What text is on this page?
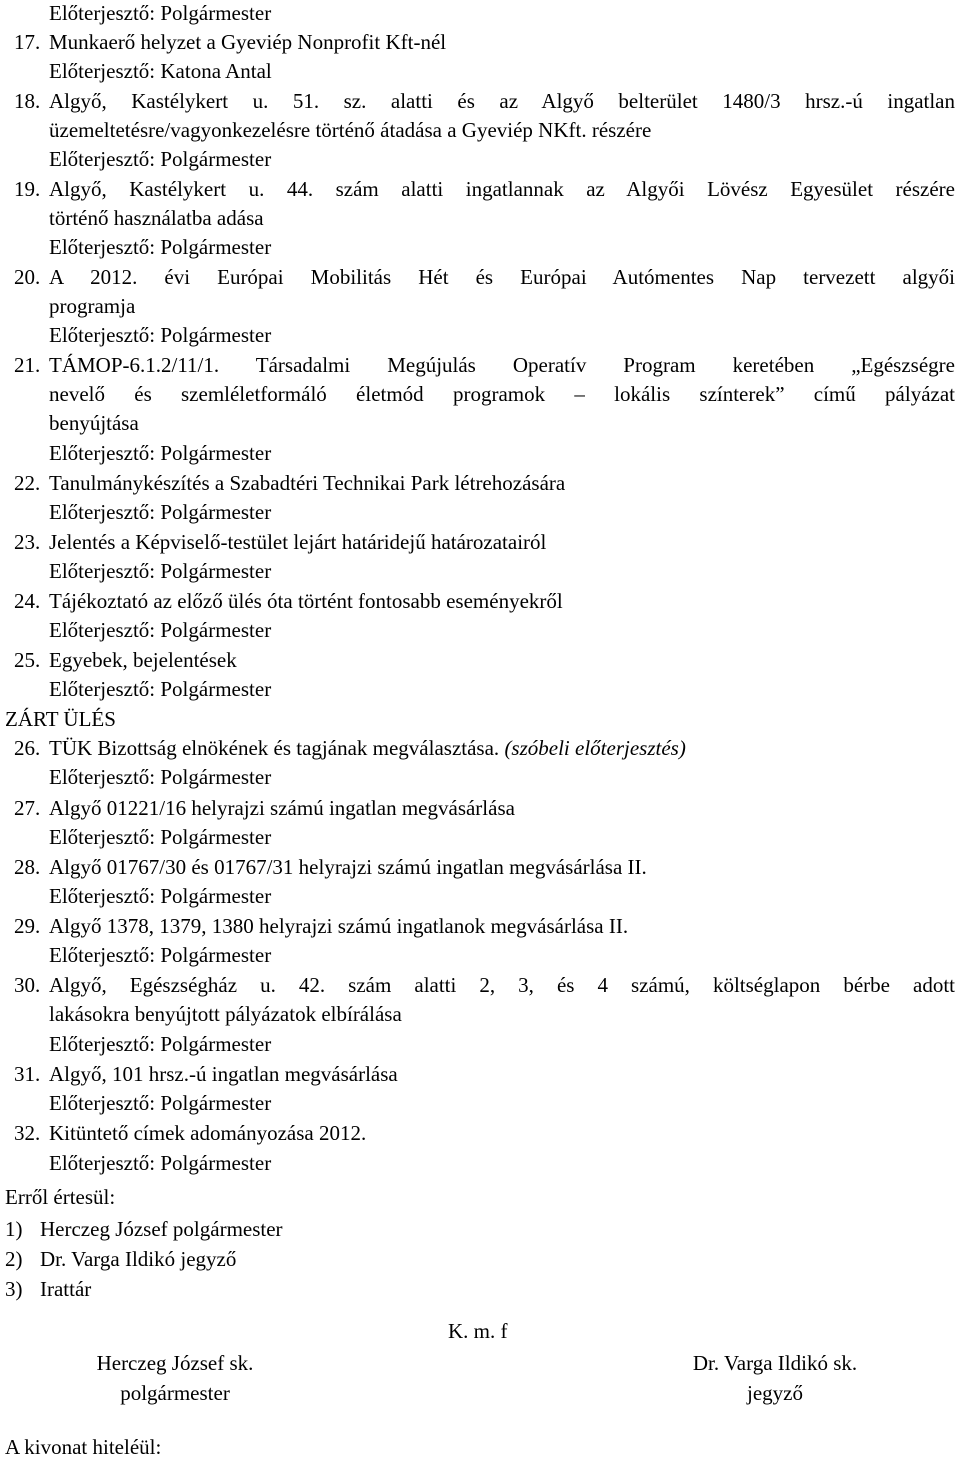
Előterjesztő: Polgármester
17. Munkaerő helyzet a Gyeviép Nonprofit Kft-nél
Előterjesztő: Katona Antal
18. Algyő, Kastélykert u. 51. sz. alatti és az Algyő belterület 1480/3 hrsz.-ú ingatlan
üzemeltetésre/vagyonkezelésre történő átadása a Gyeviép NKft. részére
Előterjesztő: Polgármester
19. Algyő, Kastélykert u. 44. szám alatti ingatlannak az Algyői Lövész Egyesület részére
történő használatba adása
Előterjesztő: Polgármester
20. A 2012. évi Európai Mobilitás Hét és Európai Autómentes Nap tervezett algyői
programja
Előterjesztő: Polgármester
21. TÁMOP-6.1.2/11/1. Társadalmi Megújulás Operatív Program keretében „Egészségre
nevelő és szemléletformáló életmód programok – lokális színterek” című pályázat
benyújtása
Előterjesztő: Polgármester
22. Tanulmánykészítés a Szabadtéri Technikai Park létrehozására
Előterjesztő: Polgármester
23. Jelentés a Képviselő-testület lejárt határidejű határozatairól
Előterjesztő: Polgármester
24. Tájékoztató az előző ülés óta történt fontosabb eseményekről
Előterjesztő: Polgármester
25. Egyebek, bejelentések
Előterjesztő: Polgármester
ZÁRT ÜLÉS
26. TÜK Bizottság elnökének és tagjának megválasztása. (szóbeli előterjesztés)
Előterjesztő: Polgármester
27. Algyő 01221/16 helyrajzi számú ingatlan megvásárlása
Előterjesztő: Polgármester
28. Algyő 01767/30 és 01767/31 helyrajzi számú ingatlan megvásárlása II.
Előterjesztő: Polgármester
29. Algyő 1378, 1379, 1380 helyrajzi számú ingatlanok megvásárlása II.
Előterjesztő: Polgármester
30. Algyő, Egészségház u. 42. szám alatti 2, 3, és 4 számú, költséglapon bérbe adott
lakásokra benyújtott pályázatok elbírálása
Előterjesztő: Polgármester
31. Algyő, 101 hrsz.-ú ingatlan megvásárlása
Előterjesztő: Polgármester
32. Kitüntető címek adományozása 2012.
Előterjesztő: Polgármester
Erről értesül:
1) Herczeg József polgármester
2) Dr. Varga Ildikó jegyző
3) Irattár
K. m. f
Herczeg József sk.
polgármester
Dr. Varga Ildikó sk.
jegyző
A kivonat hiteléül:
